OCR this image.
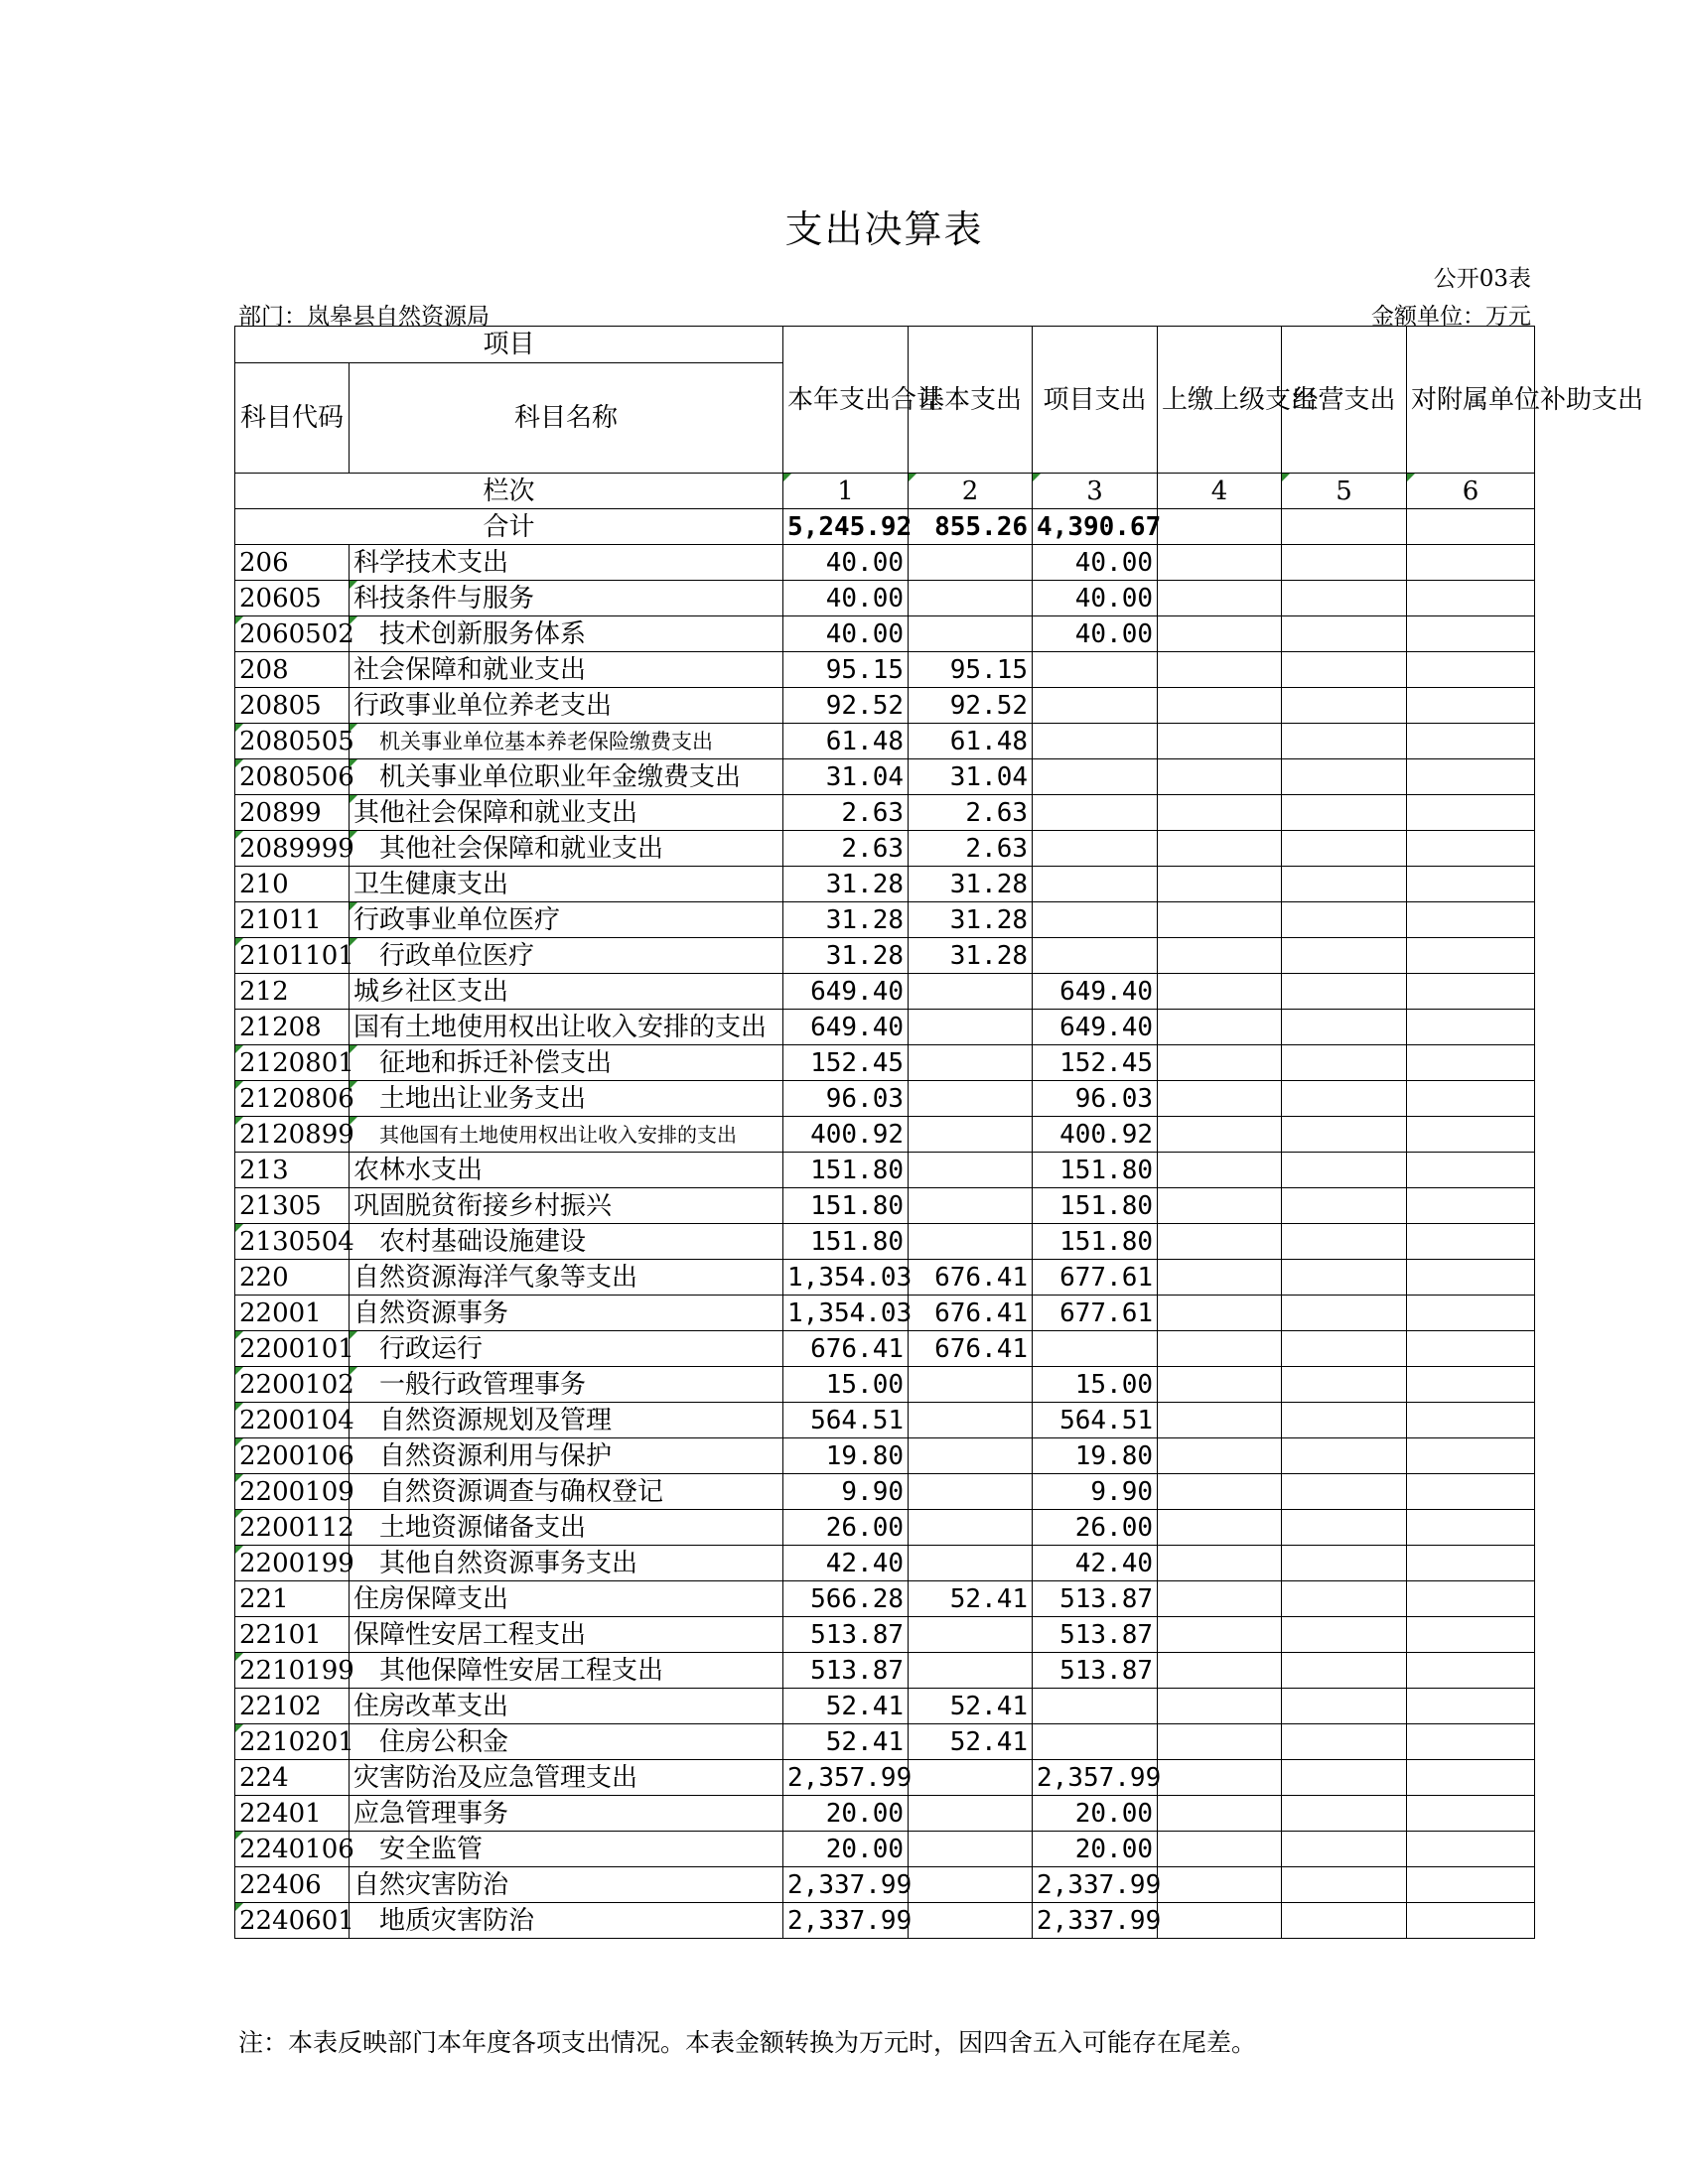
支出决算表
公开03表
部门：岚皋县自然资源局	金额单位：万元
项目		本年支出合计	基本支出	项目支出	上缴上级支出	经营支出	对附属单位补助支出
科目代码	科目名称						
栏次		1	2	3	4	5	6
合计		5,245.92	855.26	4,390.67			
206	科学技术支出	40.00		40.00			
20605	科技条件与服务	40.00		40.00			
2060502	技术创新服务体系	40.00		40.00			
208	社会保障和就业支出	95.15	95.15				
20805	行政事业单位养老支出	92.52	92.52				
2080505	机关事业单位基本养老保险缴费支出	61.48	61.48				
2080506	机关事业单位职业年金缴费支出	31.04	31.04				
20899	其他社会保障和就业支出	2.63	2.63				
2089999	其他社会保障和就业支出	2.63	2.63				
210	卫生健康支出	31.28	31.28				
21011	行政事业单位医疗	31.28	31.28				
2101101	行政单位医疗	31.28	31.28				
212	城乡社区支出	649.40		649.40			
21208	国有土地使用权出让收入安排的支出	649.40		649.40			
2120801	征地和拆迁补偿支出	152.45		152.45			
2120806	土地出让业务支出	96.03		96.03			
2120899	其他国有土地使用权出让收入安排的支出	400.92		400.92			
213	农林水支出	151.80		151.80			
21305	巩固脱贫衔接乡村振兴	151.80		151.80			
2130504	农村基础设施建设	151.80		151.80			
220	自然资源海洋气象等支出	1,354.03	676.41	677.61			
22001	自然资源事务	1,354.03	676.41	677.61			
2200101	行政运行	676.41	676.41				
2200102	一般行政管理事务	15.00		15.00			
2200104	自然资源规划及管理	564.51		564.51			
2200106	自然资源利用与保护	19.80		19.80			
2200109	自然资源调查与确权登记	9.90		9.90			
2200112	土地资源储备支出	26.00		26.00			
2200199	其他自然资源事务支出	42.40		42.40			
221	住房保障支出	566.28	52.41	513.87			
22101	保障性安居工程支出	513.87		513.87			
2210199	其他保障性安居工程支出	513.87		513.87			
22102	住房改革支出	52.41	52.41				
2210201	住房公积金	52.41	52.41				
224	灾害防治及应急管理支出	2,357.99		2,357.99			
22401	应急管理事务	20.00		20.00			
2240106	安全监管	20.00		20.00			
22406	自然灾害防治	2,337.99		2,337.99			
2240601	地质灾害防治	2,337.99		2,337.99			
注：本表反映部门本年度各项支出情况。本表金额转换为万元时，因四舍五入可能存在尾差。
